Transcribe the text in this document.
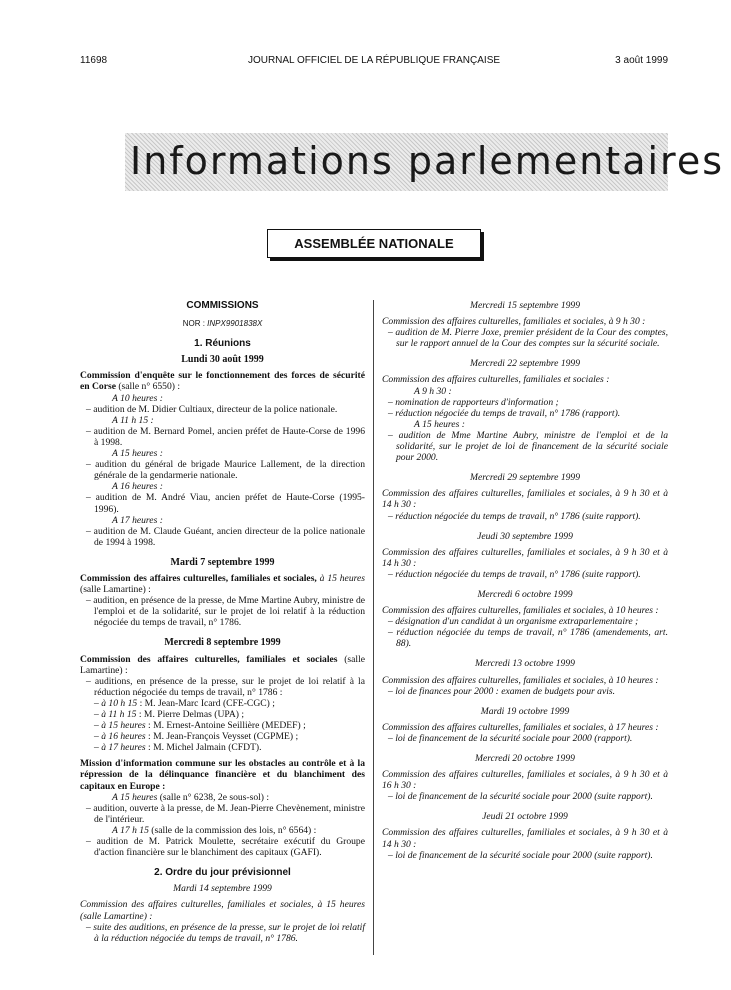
11698	JOURNAL OFFICIEL DE LA RÉPUBLIQUE FRANÇAISE	3 août 1999
Informations parlementaires
ASSEMBLÉE NATIONALE

COMMISSIONS

NOR : INPX9901838X

1. Réunions

Lundi 30 août 1999

Commission d'enquête sur le fonctionnement des forces de sécurité en Corse (salle n° 6550) :

A 10 heures :

– audition de M. Didier Cultiaux, directeur de la police nationale.

A 11 h 15 :

– audition de M. Bernard Pomel, ancien préfet de Haute-Corse de 1996 à 1998.

A 15 heures :

– audition du général de brigade Maurice Lallement, de la direction générale de la gendarmerie nationale.

A 16 heures :

– audition de M. André Viau, ancien préfet de Haute-Corse (1995-1996).

A 17 heures :

– audition de M. Claude Guéant, ancien directeur de la police nationale de 1994 à 1998.

Mardi 7 septembre 1999

Commission des affaires culturelles, familiales et sociales, à 15 heures (salle Lamartine) :

– audition, en présence de la presse, de Mme Martine Aubry, ministre de l'emploi et de la solidarité, sur le projet de loi relatif à la réduction négociée du temps de travail, n° 1786.

Mercredi 8 septembre 1999

Commission des affaires culturelles, familiales et sociales (salle Lamartine) :

– auditions, en présence de la presse, sur le projet de loi relatif à la réduction négociée du temps de travail, n° 1786 :

– à 10 h 15 : M. Jean-Marc Icard (CFE-CGC) ;

– à 11 h 15 : M. Pierre Delmas (UPA) ;

– à 15 heures : M. Ernest-Antoine Seillière (MEDEF) ;

– à 16 heures : M. Jean-François Veysset (CGPME) ;

– à 17 heures : M. Michel Jalmain (CFDT).

Mission d'information commune sur les obstacles au contrôle et à la répression de la délinquance financière et du blanchiment des capitaux en Europe :

A 15 heures (salle n° 6238, 2e sous-sol) :

– audition, ouverte à la presse, de M. Jean-Pierre Chevènement, ministre de l'intérieur.

A 17 h 15 (salle de la commission des lois, n° 6564) :

– audition de M. Patrick Moulette, secrétaire exécutif du Groupe d'action financière sur le blanchiment des capitaux (GAFI).

2. Ordre du jour prévisionnel

Mardi 14 septembre 1999

Commission des affaires culturelles, familiales et sociales, à 15 heures (salle Lamartine) :

– suite des auditions, en présence de la presse, sur le projet de loi relatif à la réduction négociée du temps de travail, n° 1786.

Mercredi 15 septembre 1999

Commission des affaires culturelles, familiales et sociales, à 9 h 30 :

– audition de M. Pierre Joxe, premier président de la Cour des comptes, sur le rapport annuel de la Cour des comptes sur la sécurité sociale.

Mercredi 22 septembre 1999

Commission des affaires culturelles, familiales et sociales :

A 9 h 30 :

– nomination de rapporteurs d'information ;

– réduction négociée du temps de travail, n° 1786 (rapport).

A 15 heures :

– audition de Mme Martine Aubry, ministre de l'emploi et de la solidarité, sur le projet de loi de financement de la sécurité sociale pour 2000.

Mercredi 29 septembre 1999

Commission des affaires culturelles, familiales et sociales, à 9 h 30 et à 14 h 30 :

– réduction négociée du temps de travail, n° 1786 (suite rapport).

Jeudi 30 septembre 1999

Commission des affaires culturelles, familiales et sociales, à 9 h 30 et à 14 h 30 :

– réduction négociée du temps de travail, n° 1786 (suite rapport).

Mercredi 6 octobre 1999

Commission des affaires culturelles, familiales et sociales, à 10 heures :

– désignation d'un candidat à un organisme extraparlementaire ;

– réduction négociée du temps de travail, n° 1786 (amendements, art. 88).

Mercredi 13 octobre 1999

Commission des affaires culturelles, familiales et sociales, à 10 heures :

– loi de finances pour 2000 : examen de budgets pour avis.

Mardi 19 octobre 1999

Commission des affaires culturelles, familiales et sociales, à 17 heures :

– loi de financement de la sécurité sociale pour 2000 (rapport).

Mercredi 20 octobre 1999

Commission des affaires culturelles, familiales et sociales, à 9 h 30 et à 16 h 30 :

– loi de financement de la sécurité sociale pour 2000 (suite rapport).

Jeudi 21 octobre 1999

Commission des affaires culturelles, familiales et sociales, à 9 h 30 et à 14 h 30 :

– loi de financement de la sécurité sociale pour 2000 (suite rapport).
